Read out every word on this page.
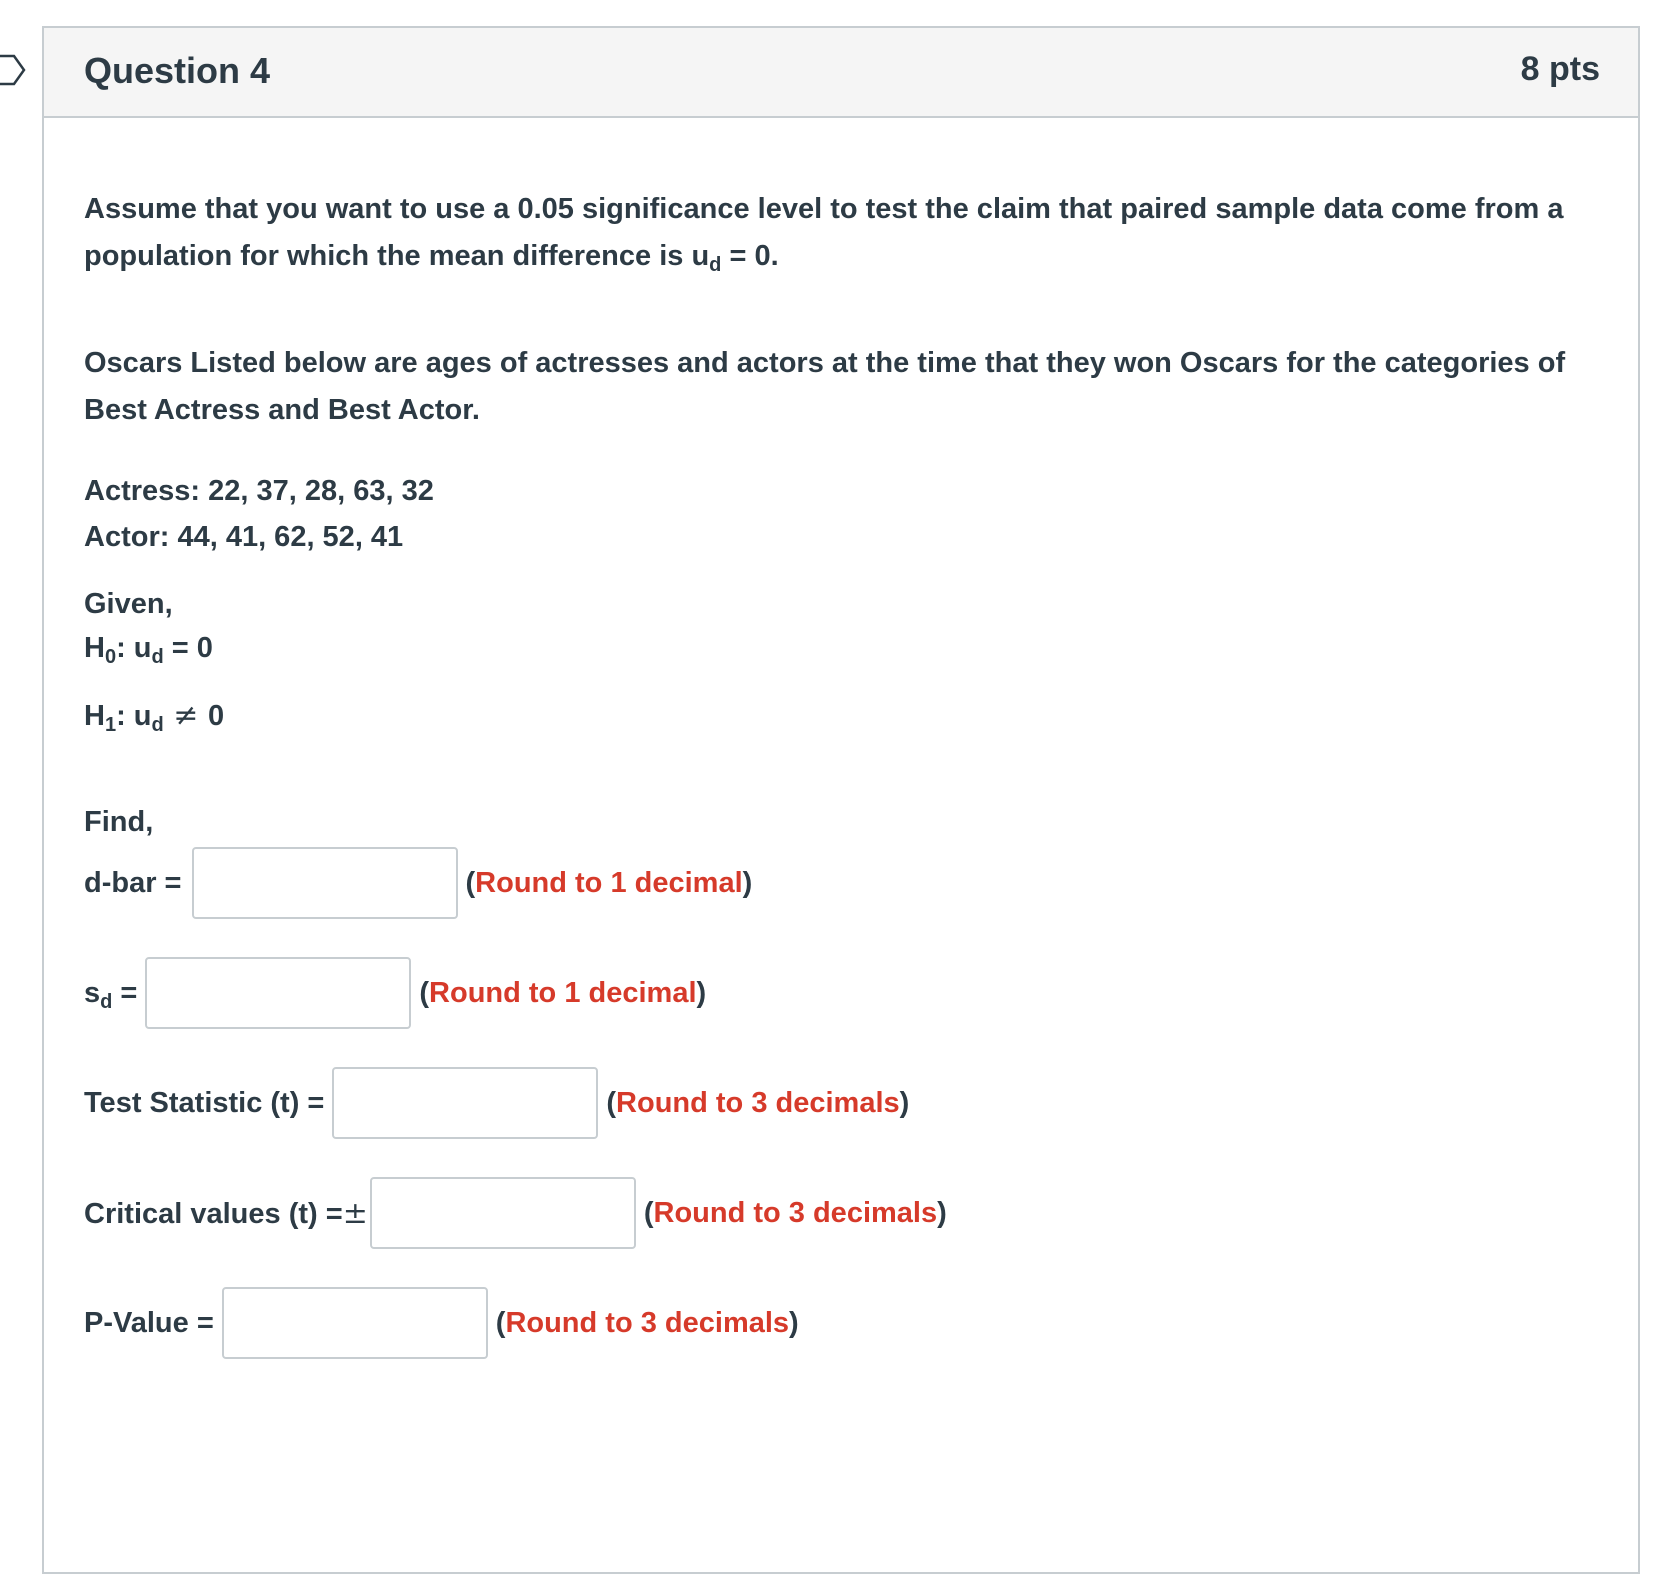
Question 4	8 pts

Assume that you want to use a 0.05 significance level to test the claim that paired sample data come from a population for which the mean difference is $u_d = 0$.

Oscars Listed below are ages of actresses and actors at the time that they won Oscars for the categories of Best Actress and Best Actor.

Actress: 22, 37, 28, 63, 32
Actor: 44, 41, 62, 52, 41
Given,
$H_0$: $u_d = 0$
$H_1$: $u_d \ne 0$
Find,
d-bar =	(Round to 1 decimal)
$s_d$ =	(Round to 1 decimal)
Test Statistic (t) =	(Round to 3 decimals)
Critical values (t) =±	(Round to 3 decimals)
P-Value =	(Round to 3 decimals)
